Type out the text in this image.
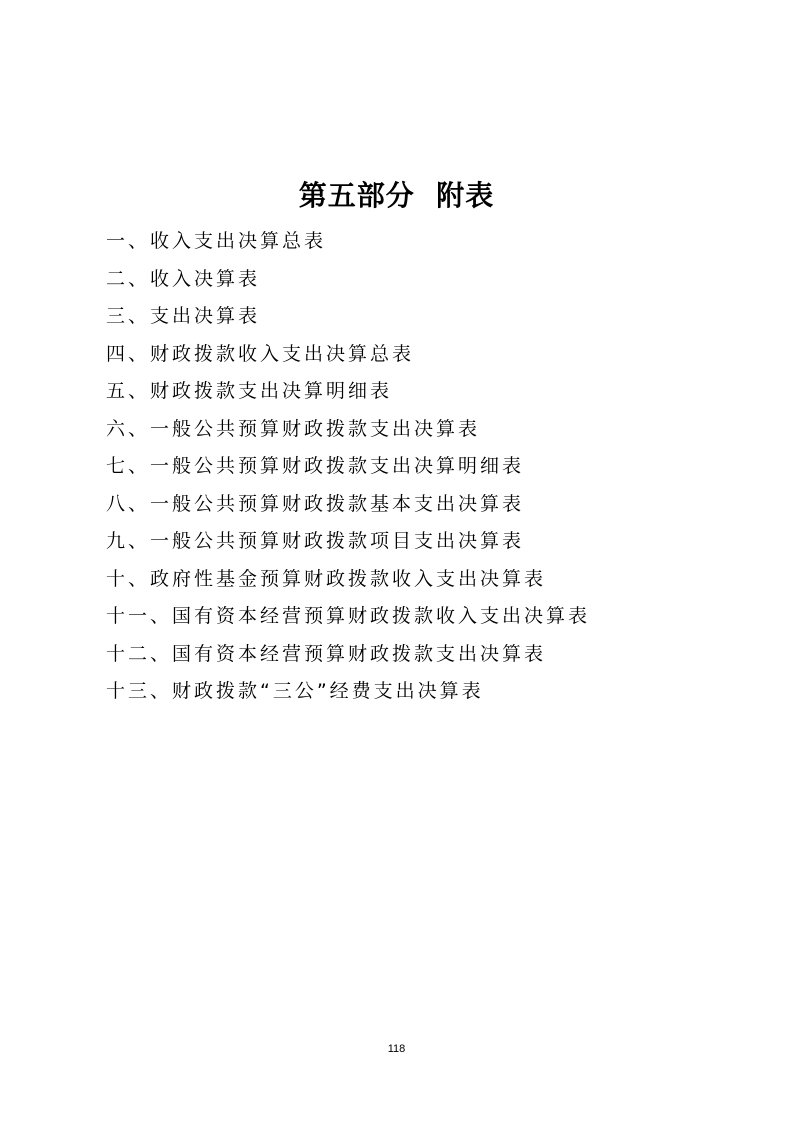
第五部分  附表
一、收入支出决算总表
二、收入决算表
三、支出决算表
四、财政拨款收入支出决算总表
五、财政拨款支出决算明细表
六、一般公共预算财政拨款支出决算表
七、一般公共预算财政拨款支出决算明细表
八、一般公共预算财政拨款基本支出决算表
九、一般公共预算财政拨款项目支出决算表
十、政府性基金预算财政拨款收入支出决算表
十一、国有资本经营预算财政拨款收入支出决算表
十二、国有资本经营预算财政拨款支出决算表
十三、财政拨款“三公”经费支出决算表
118
